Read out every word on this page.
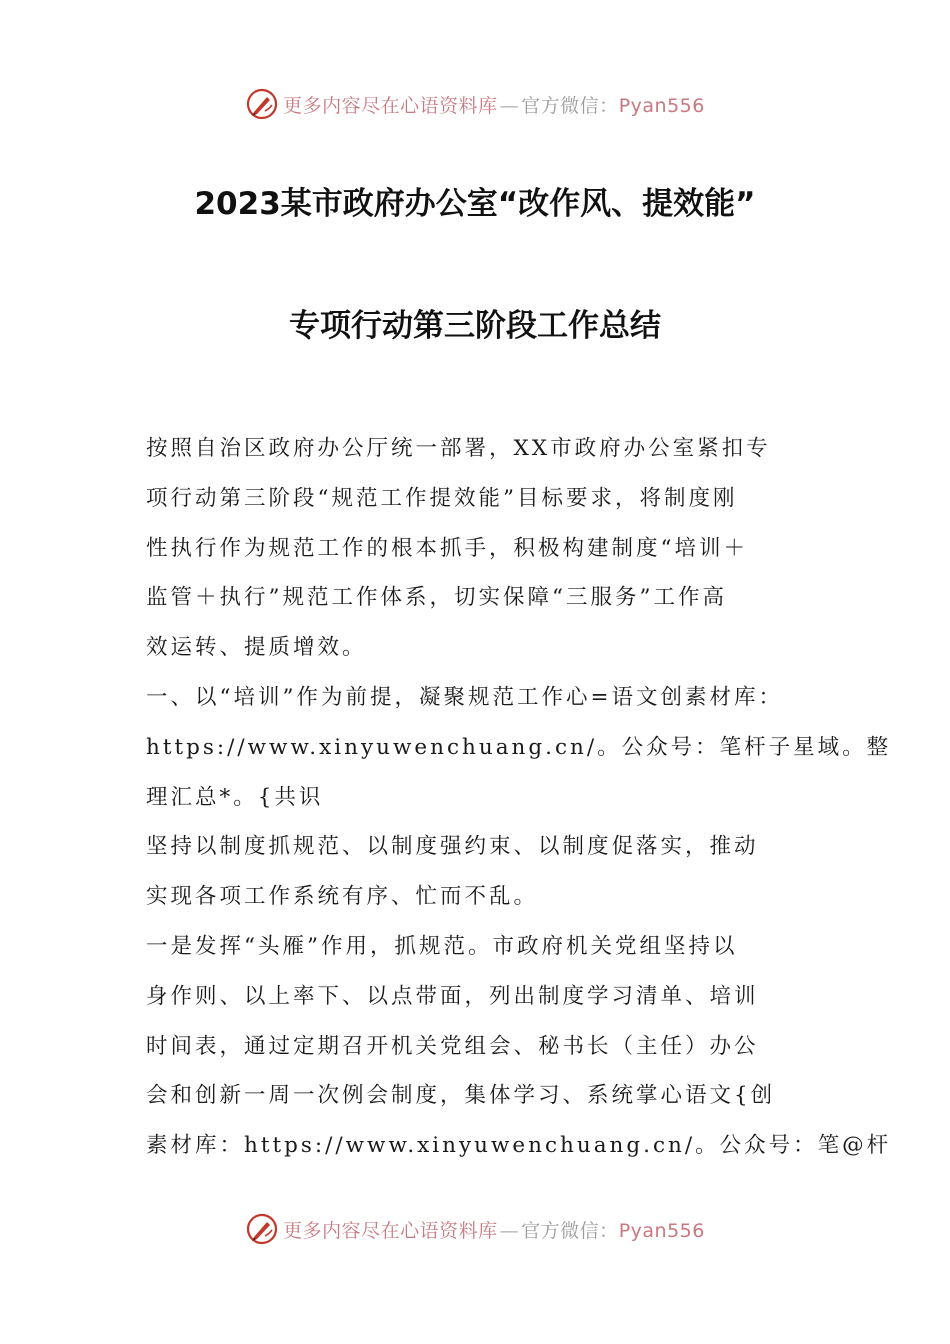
更多内容尽在心语资料库 — 官方微信：Pyan556
2023某市政府办公室“改作风、提效能”
专项行动第三阶段工作总结
按照自治区政府办公厅统一部署，XX市政府办公室紧扣专
项行动第三阶段“规范工作提效能”目标要求，将制度刚
性执行作为规范工作的根本抓手，积极构建制度“培训＋
监管＋执行”规范工作体系，切实保障“三服务”工作高
效运转、提质增效。
一、以“培训”作为前提，凝聚规范工作心=语文创素材库：
https://www.xinyuwenchuang.cn/。公众号：笔杆子星域。整
理汇总*。{共识
坚持以制度抓规范、以制度强约束、以制度促落实，推动
实现各项工作系统有序、忙而不乱。
一是发挥“头雁”作用，抓规范。市政府机关党组坚持以
身作则、以上率下、以点带面，列出制度学习清单、培训
时间表，通过定期召开机关党组会、秘书长（主任）办公
会和创新一周一次例会制度，集体学习、系统掌心语文{创
素材库：https://www.xinyuwenchuang.cn/。公众号：笔@杆
更多内容尽在心语资料库 — 官方微信：Pyan556
